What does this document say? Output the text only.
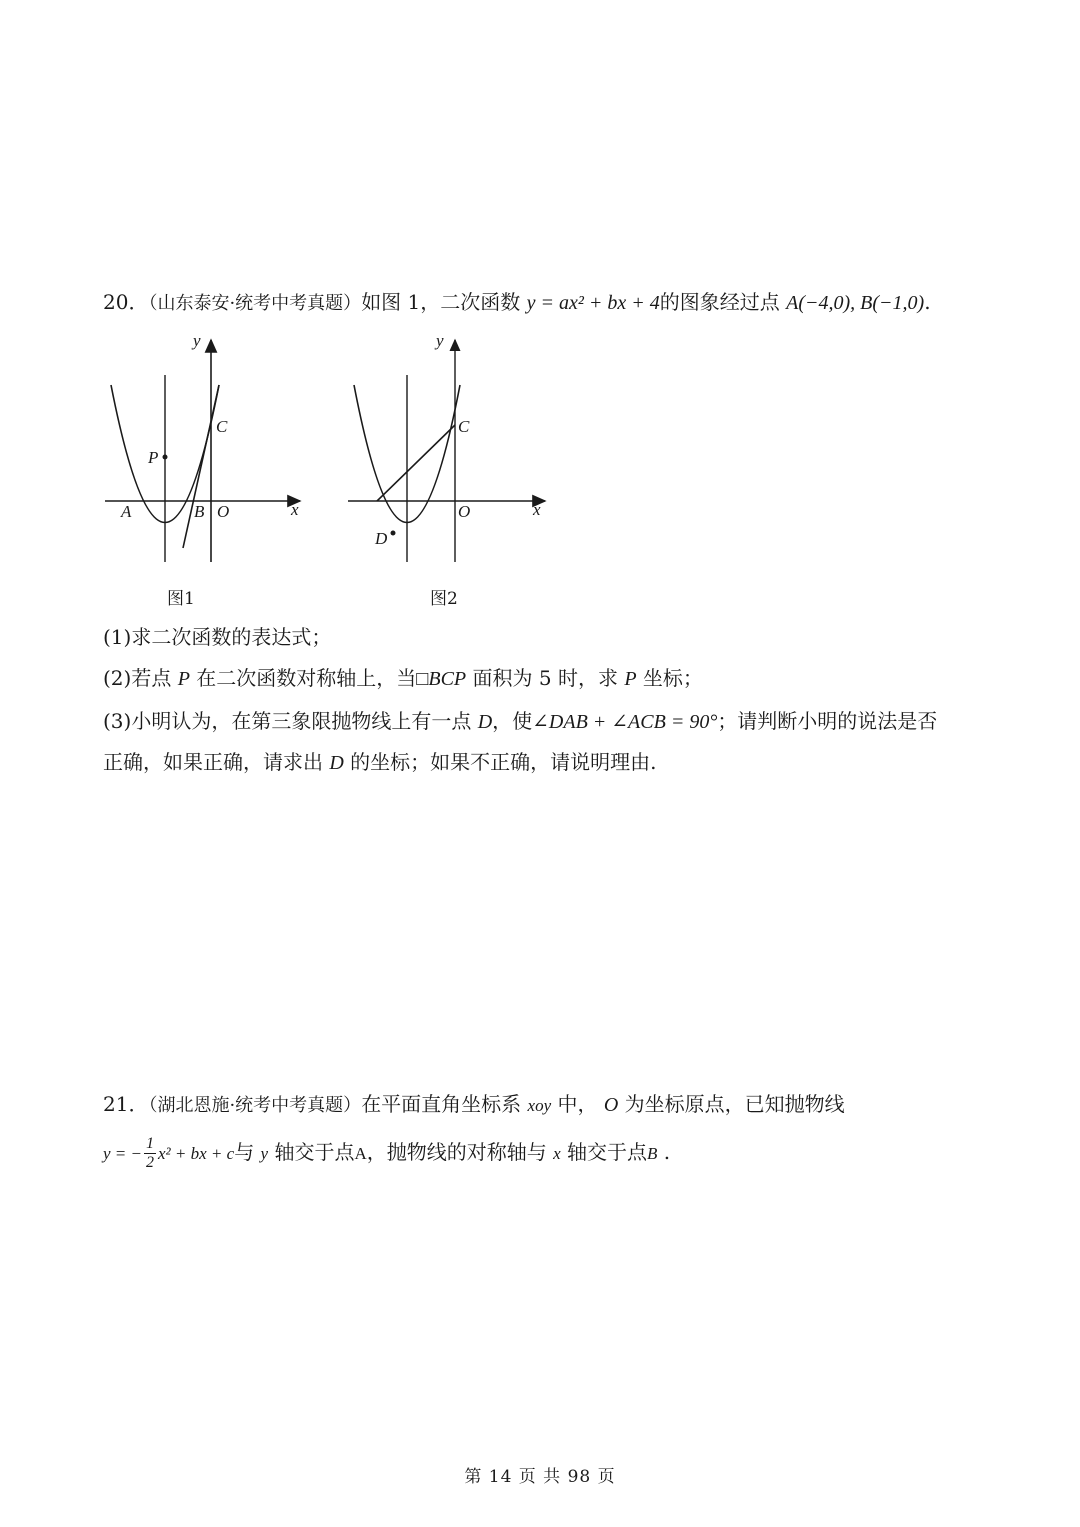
20．（山东泰安·统考中考真题）如图 1，二次函数 y = ax² + bx + 4的图象经过点 A(−4,0), B(−1,0).
y
x
C
P
A	B O
y
x
C
O
D
图1	图2
(1)求二次函数的表达式；
(2)若点 P 在二次函数对称轴上，当□BCP 面积为 5 时，求 P 坐标；
(3)小明认为，在第三象限抛物线上有一点 D，使∠DAB + ∠ACB = 90°；请判断小明的说法是否
正确，如果正确，请求出 D 的坐标；如果不正确，请说明理由.
21．（湖北恩施·统考中考真题）在平面直角坐标系 xoy 中， O 为坐标原点，已知抛物线
y = − $\frac{1}{2} x^2$ + bx + c与 y 轴交于点A，抛物线的对称轴与 x 轴交于点B .
第 14 页 共 98 页
